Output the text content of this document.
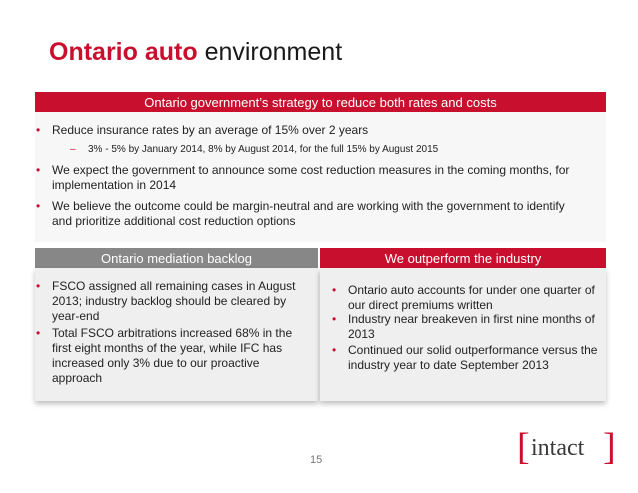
Ontario auto environment
Ontario government’s strategy to reduce both rates and costs
• Reduce insurance rates by an average of 15% over 2 years
– 3% - 5% by January 2014, 8% by August 2014, for the full 15% by August 2015
• We expect the government to announce some cost reduction measures in the coming months, for implementation in 2014
• We believe the outcome could be margin-neutral and are working with the government to identify and prioritize additional cost reduction options
Ontario mediation backlog	We outperform the industry
• FSCO assigned all remaining cases in August 2013; industry backlog should be cleared by year-end
• Total FSCO arbitrations increased 68% in the first eight months of the year, while IFC has increased only 3% due to our proactive approach
• Ontario auto accounts for under one quarter of our direct premiums written
• Industry near breakeven in first nine months of 2013
• Continued our solid outperformance versus the industry year to date September 2013
15	[ intact ]
